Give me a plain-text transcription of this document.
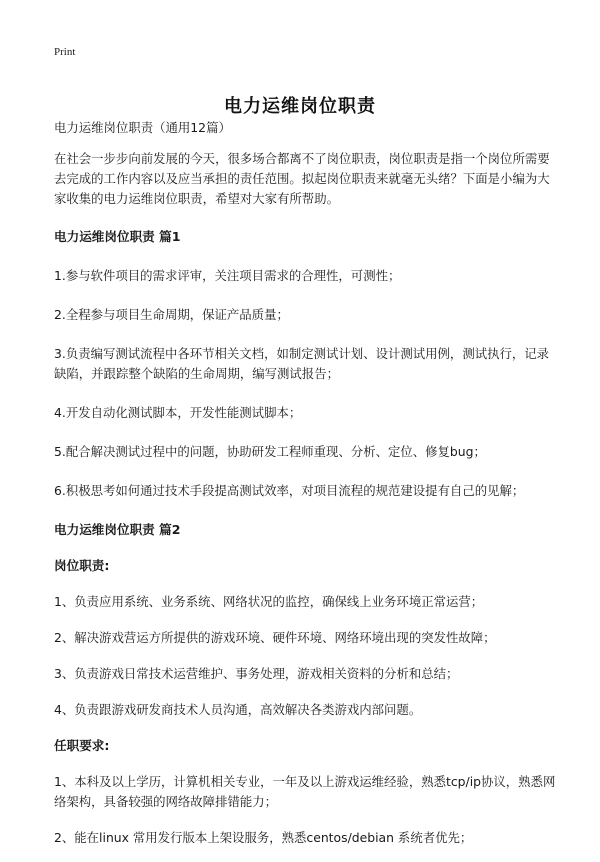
Print
电力运维岗位职责

电力运维岗位职责（通用12篇）

在社会一步步向前发展的今天，很多场合都离不了岗位职责，岗位职责是指一个岗位所需要去完成的工作内容以及应当承担的责任范围。拟起岗位职责来就毫无头绪？下面是小编为大家收集的电力运维岗位职责，希望对大家有所帮助。

电力运维岗位职责 篇1

1.参与软件项目的需求评审，关注项目需求的合理性，可测性；

2.全程参与项目生命周期，保证产品质量；

3.负责编写测试流程中各环节相关文档，如制定测试计划、设计测试用例，测试执行，记录缺陷，并跟踪整个缺陷的生命周期，编写测试报告；

4.开发自动化测试脚本，开发性能测试脚本；

5.配合解决测试过程中的问题，协助研发工程师重现、分析、定位、修复bug；

6.积极思考如何通过技术手段提高测试效率，对项目流程的规范建设提有自己的见解；

电力运维岗位职责 篇2
岗位职责:

1、负责应用系统、业务系统、网络状况的监控，确保线上业务环境正常运营；

2、解决游戏营运方所提供的游戏环境、硬件环境、网络环境出现的突发性故障；

3、负责游戏日常技术运营维护、事务处理，游戏相关资料的分析和总结；

4、负责跟游戏研发商技术人员沟通，高效解决各类游戏内部问题。

任职要求:

1、本科及以上学历，计算机相关专业，一年及以上游戏运维经验，熟悉tcp/ip协议，熟悉网络架构，具备较强的网络故障排错能力；

2、能在linux 常用发行版本上架设服务，熟悉centos/debian 系统者优先；
